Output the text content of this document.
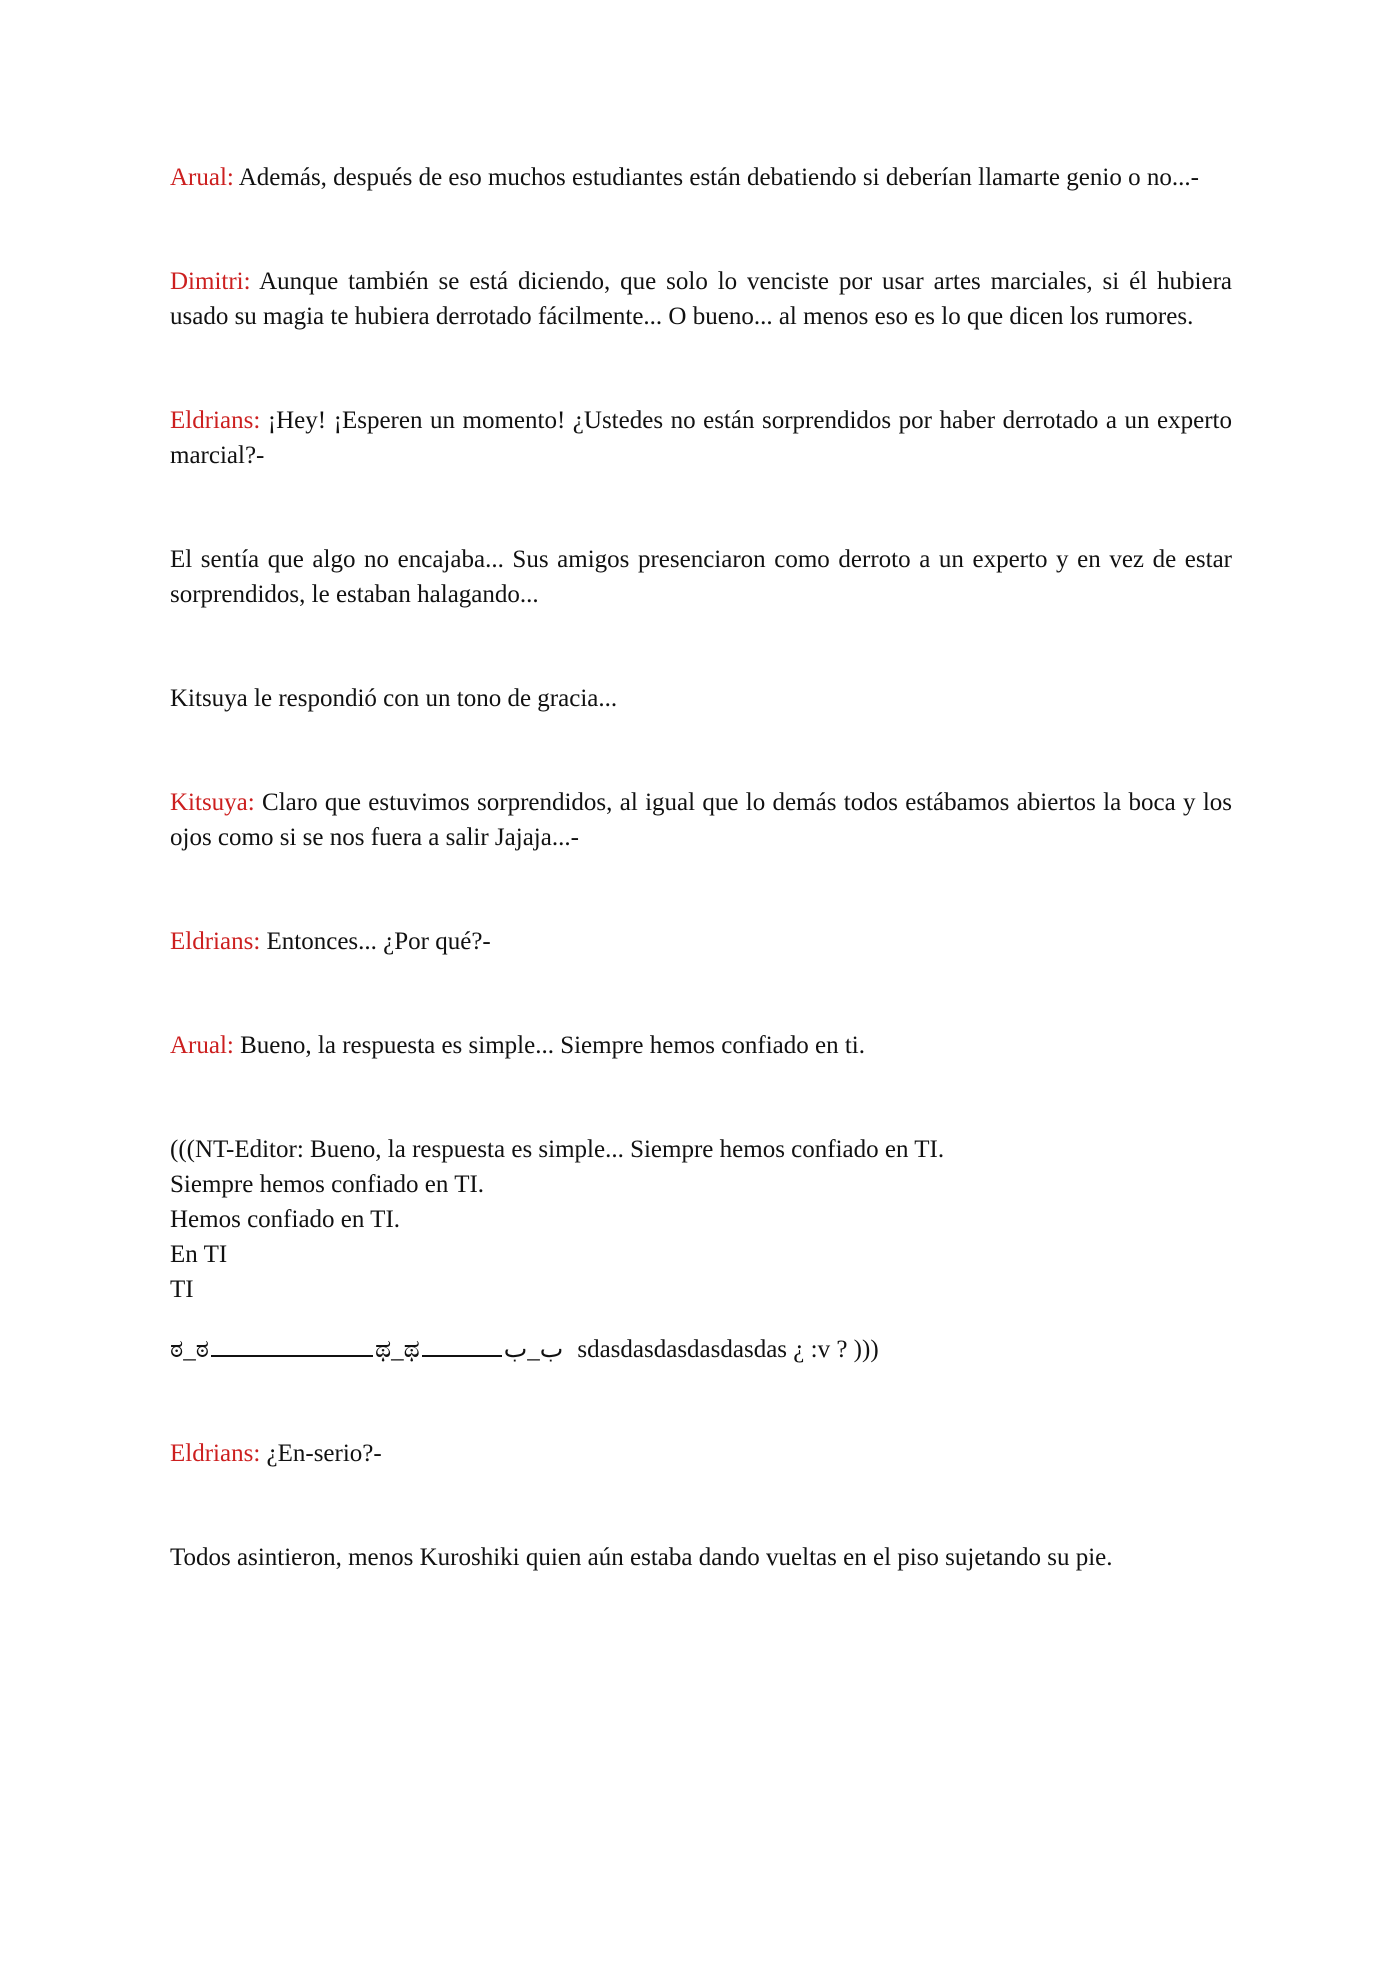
Arual: Además, después de eso muchos estudiantes están debatiendo si deberían llamarte genio o no...-

Dimitri: Aunque también se está diciendo, que solo lo venciste por usar artes marciales, si él hubiera usado su magia te hubiera derrotado fácilmente... O bueno... al menos eso es lo que dicen los rumores.

Eldrians: ¡Hey! ¡Esperen un momento! ¿Ustedes no están sorprendidos por haber derrotado a un experto marcial?-

El sentía que algo no encajaba... Sus amigos presenciaron como derroto a un experto y en vez de estar sorprendidos, le estaban halagando...

Kitsuya le respondió con un tono de gracia...

Kitsuya: Claro que estuvimos sorprendidos, al igual que lo demás todos estábamos abiertos la boca y los ojos como si se nos fuera a salir Jajaja...-

Eldrians: Entonces... ¿Por qué?-

Arual: Bueno, la respuesta es simple... Siempre hemos confiado en ti.

(((NT-Editor: Bueno, la respuesta es simple... Siempre hemos confiado en TI.
Siempre hemos confiado en TI.
Hemos confiado en TI.
En TI
TI
ಠ_ಠ	ಥ_ಥ	ب_ب sdasdasdasdasdasdas ¿ :v ? )))

Eldrians: ¿En-serio?-

Todos asintieron, menos Kuroshiki quien aún estaba dando vueltas en el piso sujetando su pie.
